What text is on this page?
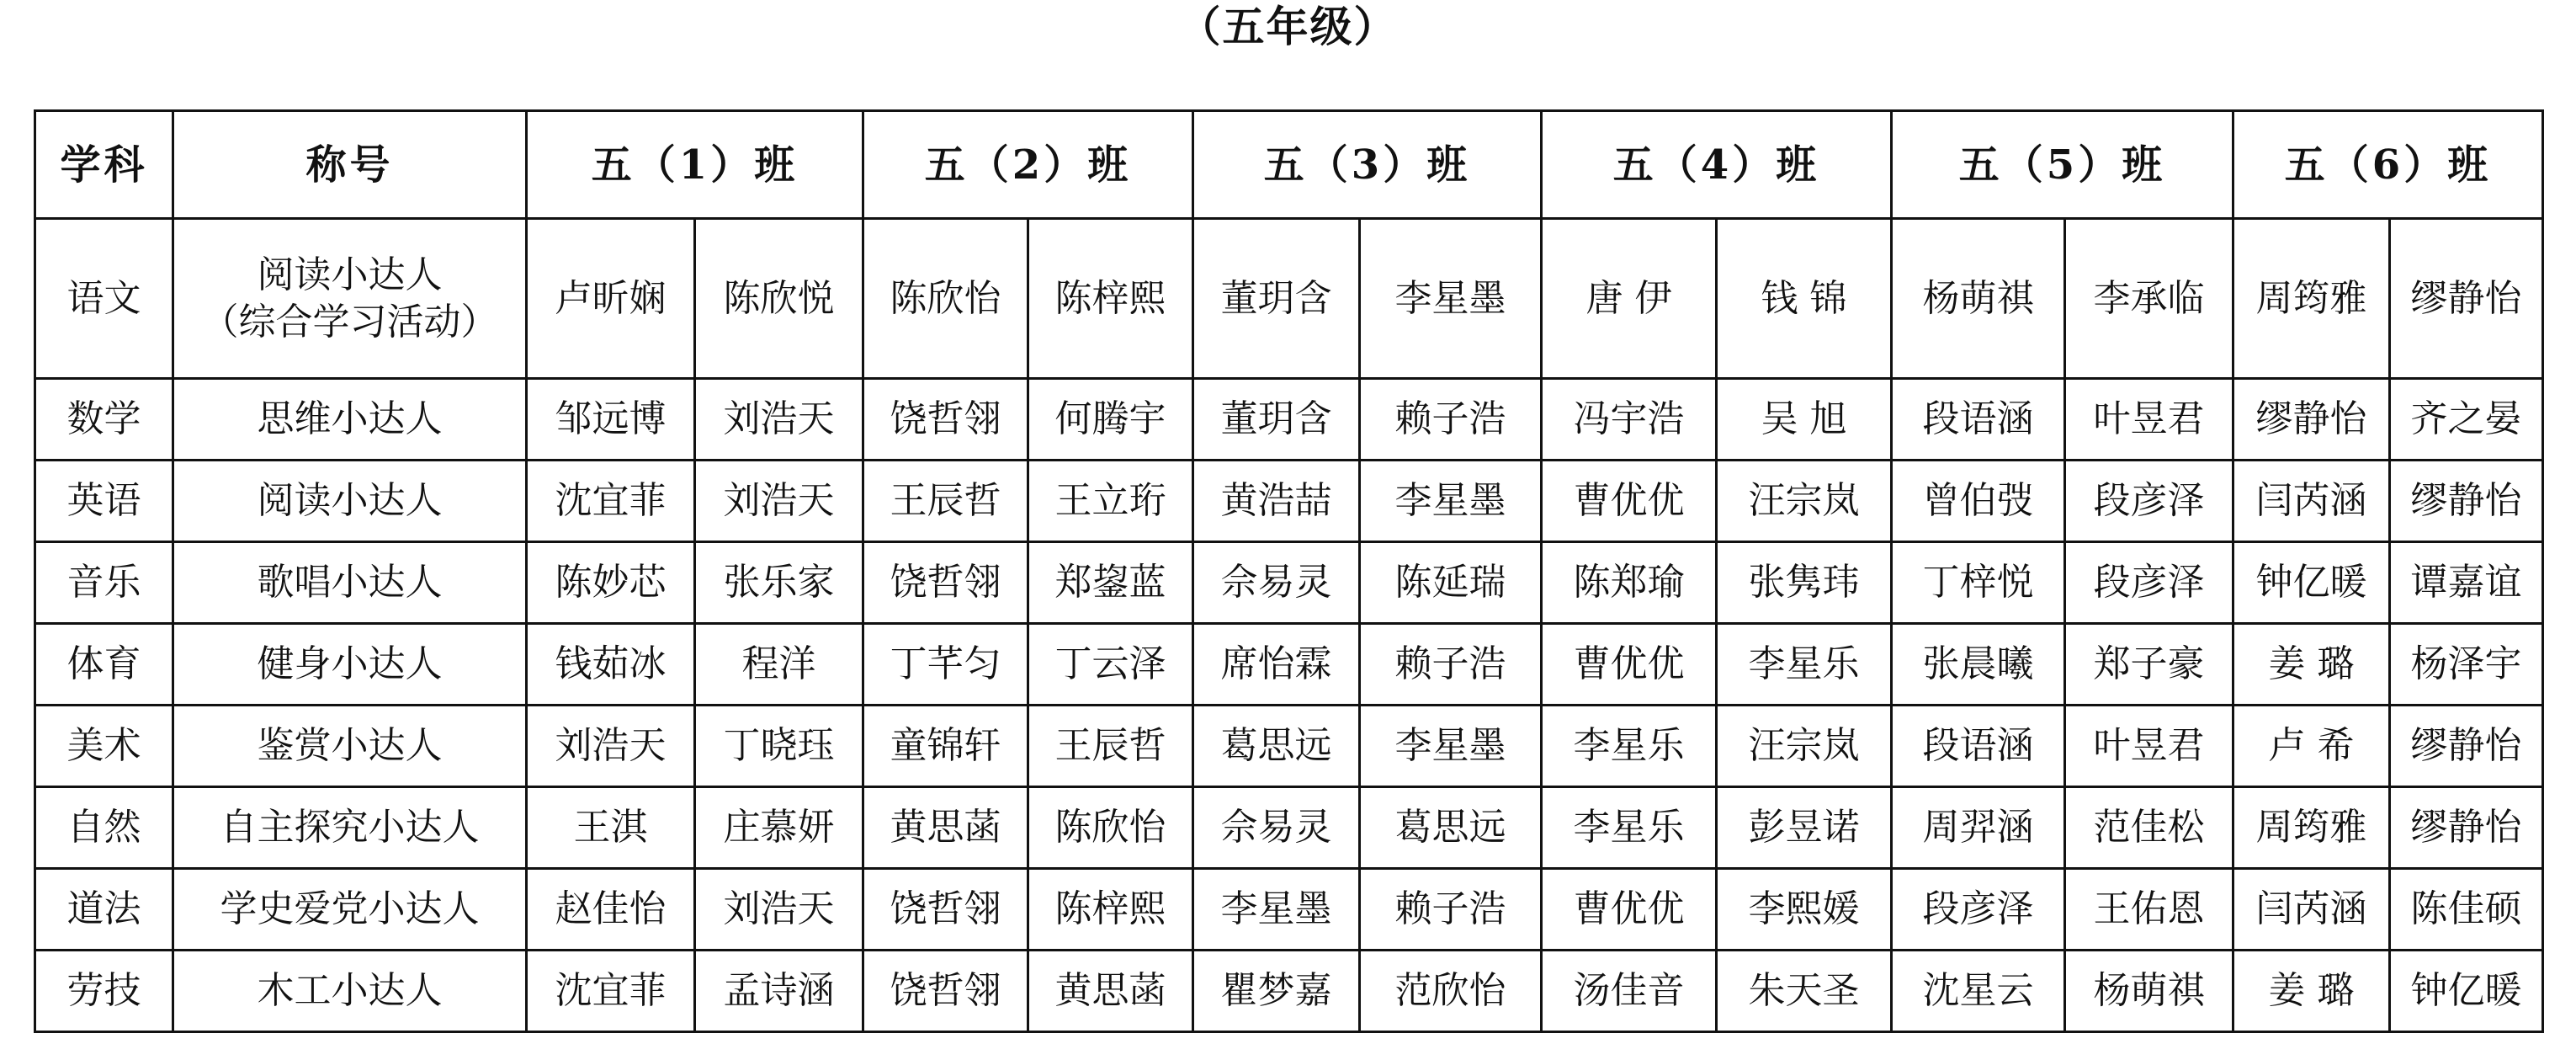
（五年级）
学科	称号	五（1）班		五（2）班		五（3）班		五（4）班		五（5）班		五（6）班	
语文	阅读小达人
（综合学习活动）	卢昕娴	陈欣悦	陈欣怡	陈梓熙	董玥含	李星墨	唐 伊	钱 锦	杨萌祺	李承临	周筠雅	缪静怡
数学	思维小达人	邹远博	刘浩天	饶哲翎	何腾宇	董玥含	赖子浩	冯宇浩	吴 旭	段语涵	叶昱君	缪静怡	齐之晏
英语	阅读小达人	沈宜菲	刘浩天	王辰哲	王立珩	黄浩喆	李星墨	曹优优	汪宗岚	曾伯弢	段彦泽	闫芮涵	缪静怡
音乐	歌唱小达人	陈妙芯	张乐家	饶哲翎	郑鋆蓝	佘易灵	陈延瑞	陈郑瑜	张隽玮	丁梓悦	段彦泽	钟亿暖	谭嘉谊
体育	健身小达人	钱茹冰	程洋	丁芊匀	丁云泽	席怡霖	赖子浩	曹优优	李星乐	张晨曦	郑子豪	姜 璐	杨泽宇
美术	鉴赏小达人	刘浩天	丁晓珏	童锦轩	王辰哲	葛思远	李星墨	李星乐	汪宗岚	段语涵	叶昱君	卢 希	缪静怡
自然	自主探究小达人	王淇	庄慕妍	黄思菡	陈欣怡	佘易灵	葛思远	李星乐	彭昱诺	周羿涵	范佳松	周筠雅	缪静怡
道法	学史爱党小达人	赵佳怡	刘浩天	饶哲翎	陈梓熙	李星墨	赖子浩	曹优优	李熙媛	段彦泽	王佑恩	闫芮涵	陈佳硕
劳技	木工小达人	沈宜菲	孟诗涵	饶哲翎	黄思菡	瞿梦嘉	范欣怡	汤佳音	朱天圣	沈星云	杨萌祺	姜 璐	钟亿暖
